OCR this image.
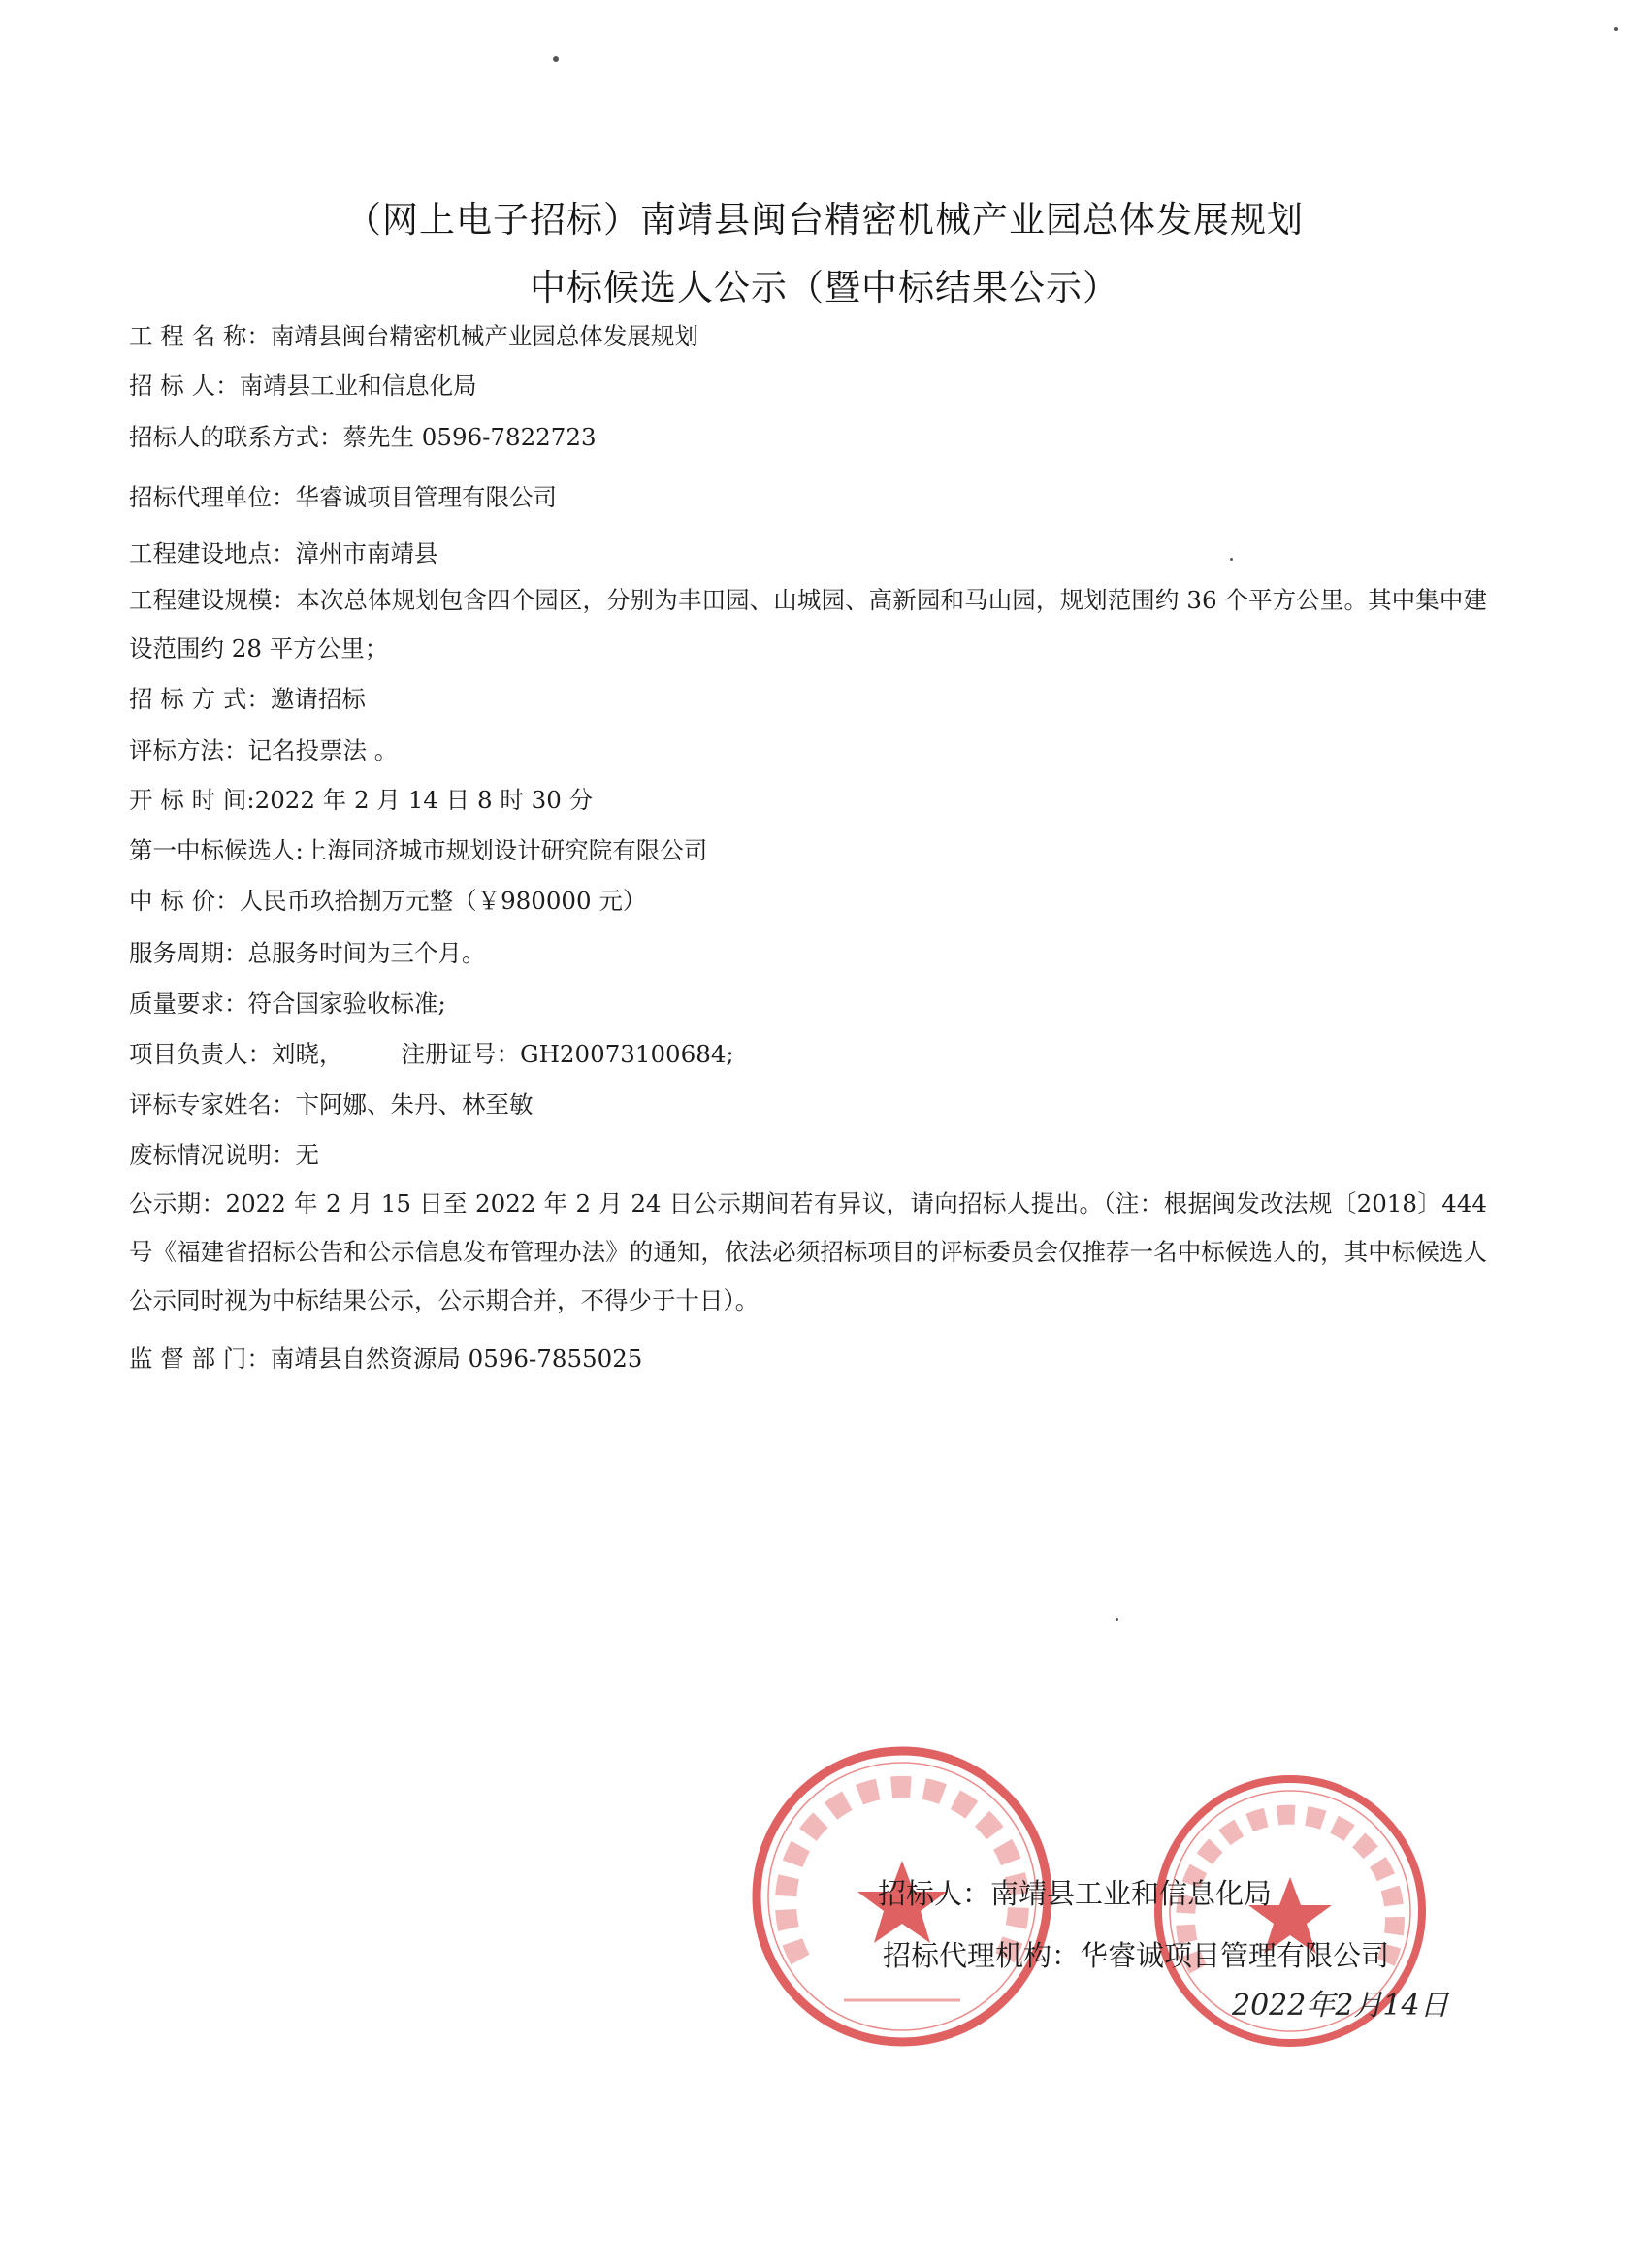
（网上电子招标）南靖县闽台精密机械产业园总体发展规划
中标候选人公示（暨中标结果公示）
工 程 名 称：南靖县闽台精密机械产业园总体发展规划
招 标 人：南靖县工业和信息化局
招标人的联系方式：蔡先生 0596-7822723
招标代理单位：华睿诚项目管理有限公司
工程建设地点：漳州市南靖县
工程建设规模：本次总体规划包含四个园区，分别为丰田园、山城园、高新园和马山园，规划范围约 36 个平方公里。其中集中建设范围约 28 平方公里；
招 标 方 式：邀请招标
评标方法：记名投票法 。
开 标 时 间:2022 年 2 月 14 日 8 时 30 分
第一中标候选人:上海同济城市规划设计研究院有限公司
中 标 价：人民币玖拾捌万元整（￥980000 元）
服务周期：总服务时间为三个月。
质量要求：符合国家验收标准;
项目负责人：刘晓， 注册证号：GH20073100684;
评标专家姓名：卞阿娜、朱丹、林至敏
废标情况说明：无
公示期：2022 年 2 月 15 日至 2022 年 2 月 24 日公示期间若有异议，请向招标人提出。（注：根据闽发改法规〔2018〕444 号《福建省招标公告和公示信息发布管理办法》的通知，依法必须招标项目的评标委员会仅推荐一名中标候选人的，其中标候选人公示同时视为中标结果公示，公示期合并，不得少于十日）。
监 督 部 门：南靖县自然资源局 0596-7855025
招标人：南靖县工业和信息化局
招标代理机构：华睿诚项目管理有限公司
2022年2月14日
